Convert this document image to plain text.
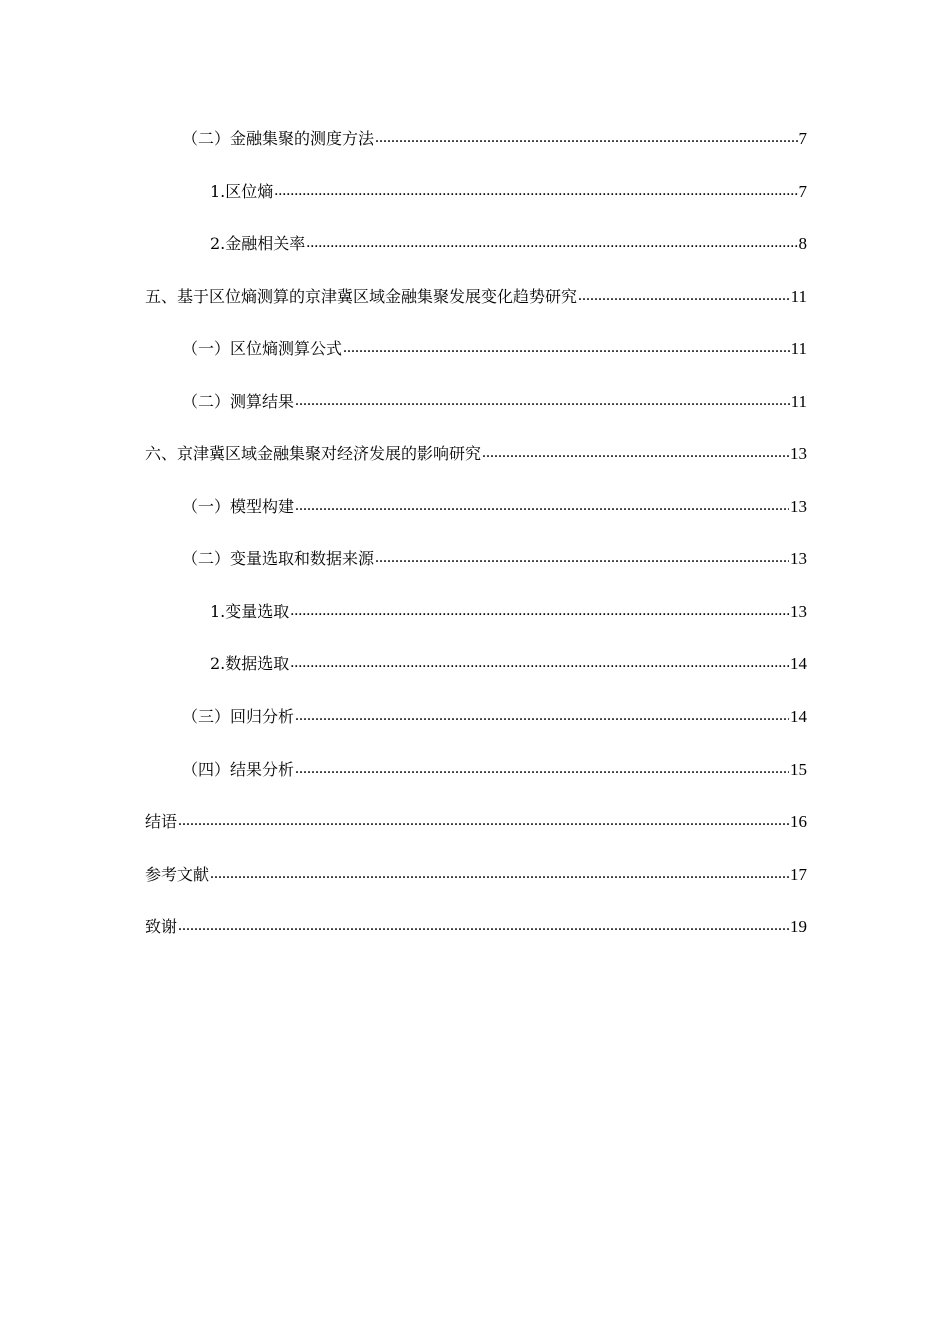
（二）金融集聚的测度方法 .....	7
1.区位熵 .....	7
2.金融相关率 .....	8
五、基于区位熵测算的京津冀区域金融集聚发展变化趋势研究 .....	11
（一）区位熵测算公式 .....	11
（二）测算结果 .....	11
六、京津冀区域金融集聚对经济发展的影响研究 .....	13
（一）模型构建 .....	13
（二）变量选取和数据来源 .....	13
1.变量选取 .....	13
2.数据选取 .....	14
（三）回归分析 .....	14
（四）结果分析 .....	15
结语 .....	16
参考文献 .....	17
致谢 .....	19
